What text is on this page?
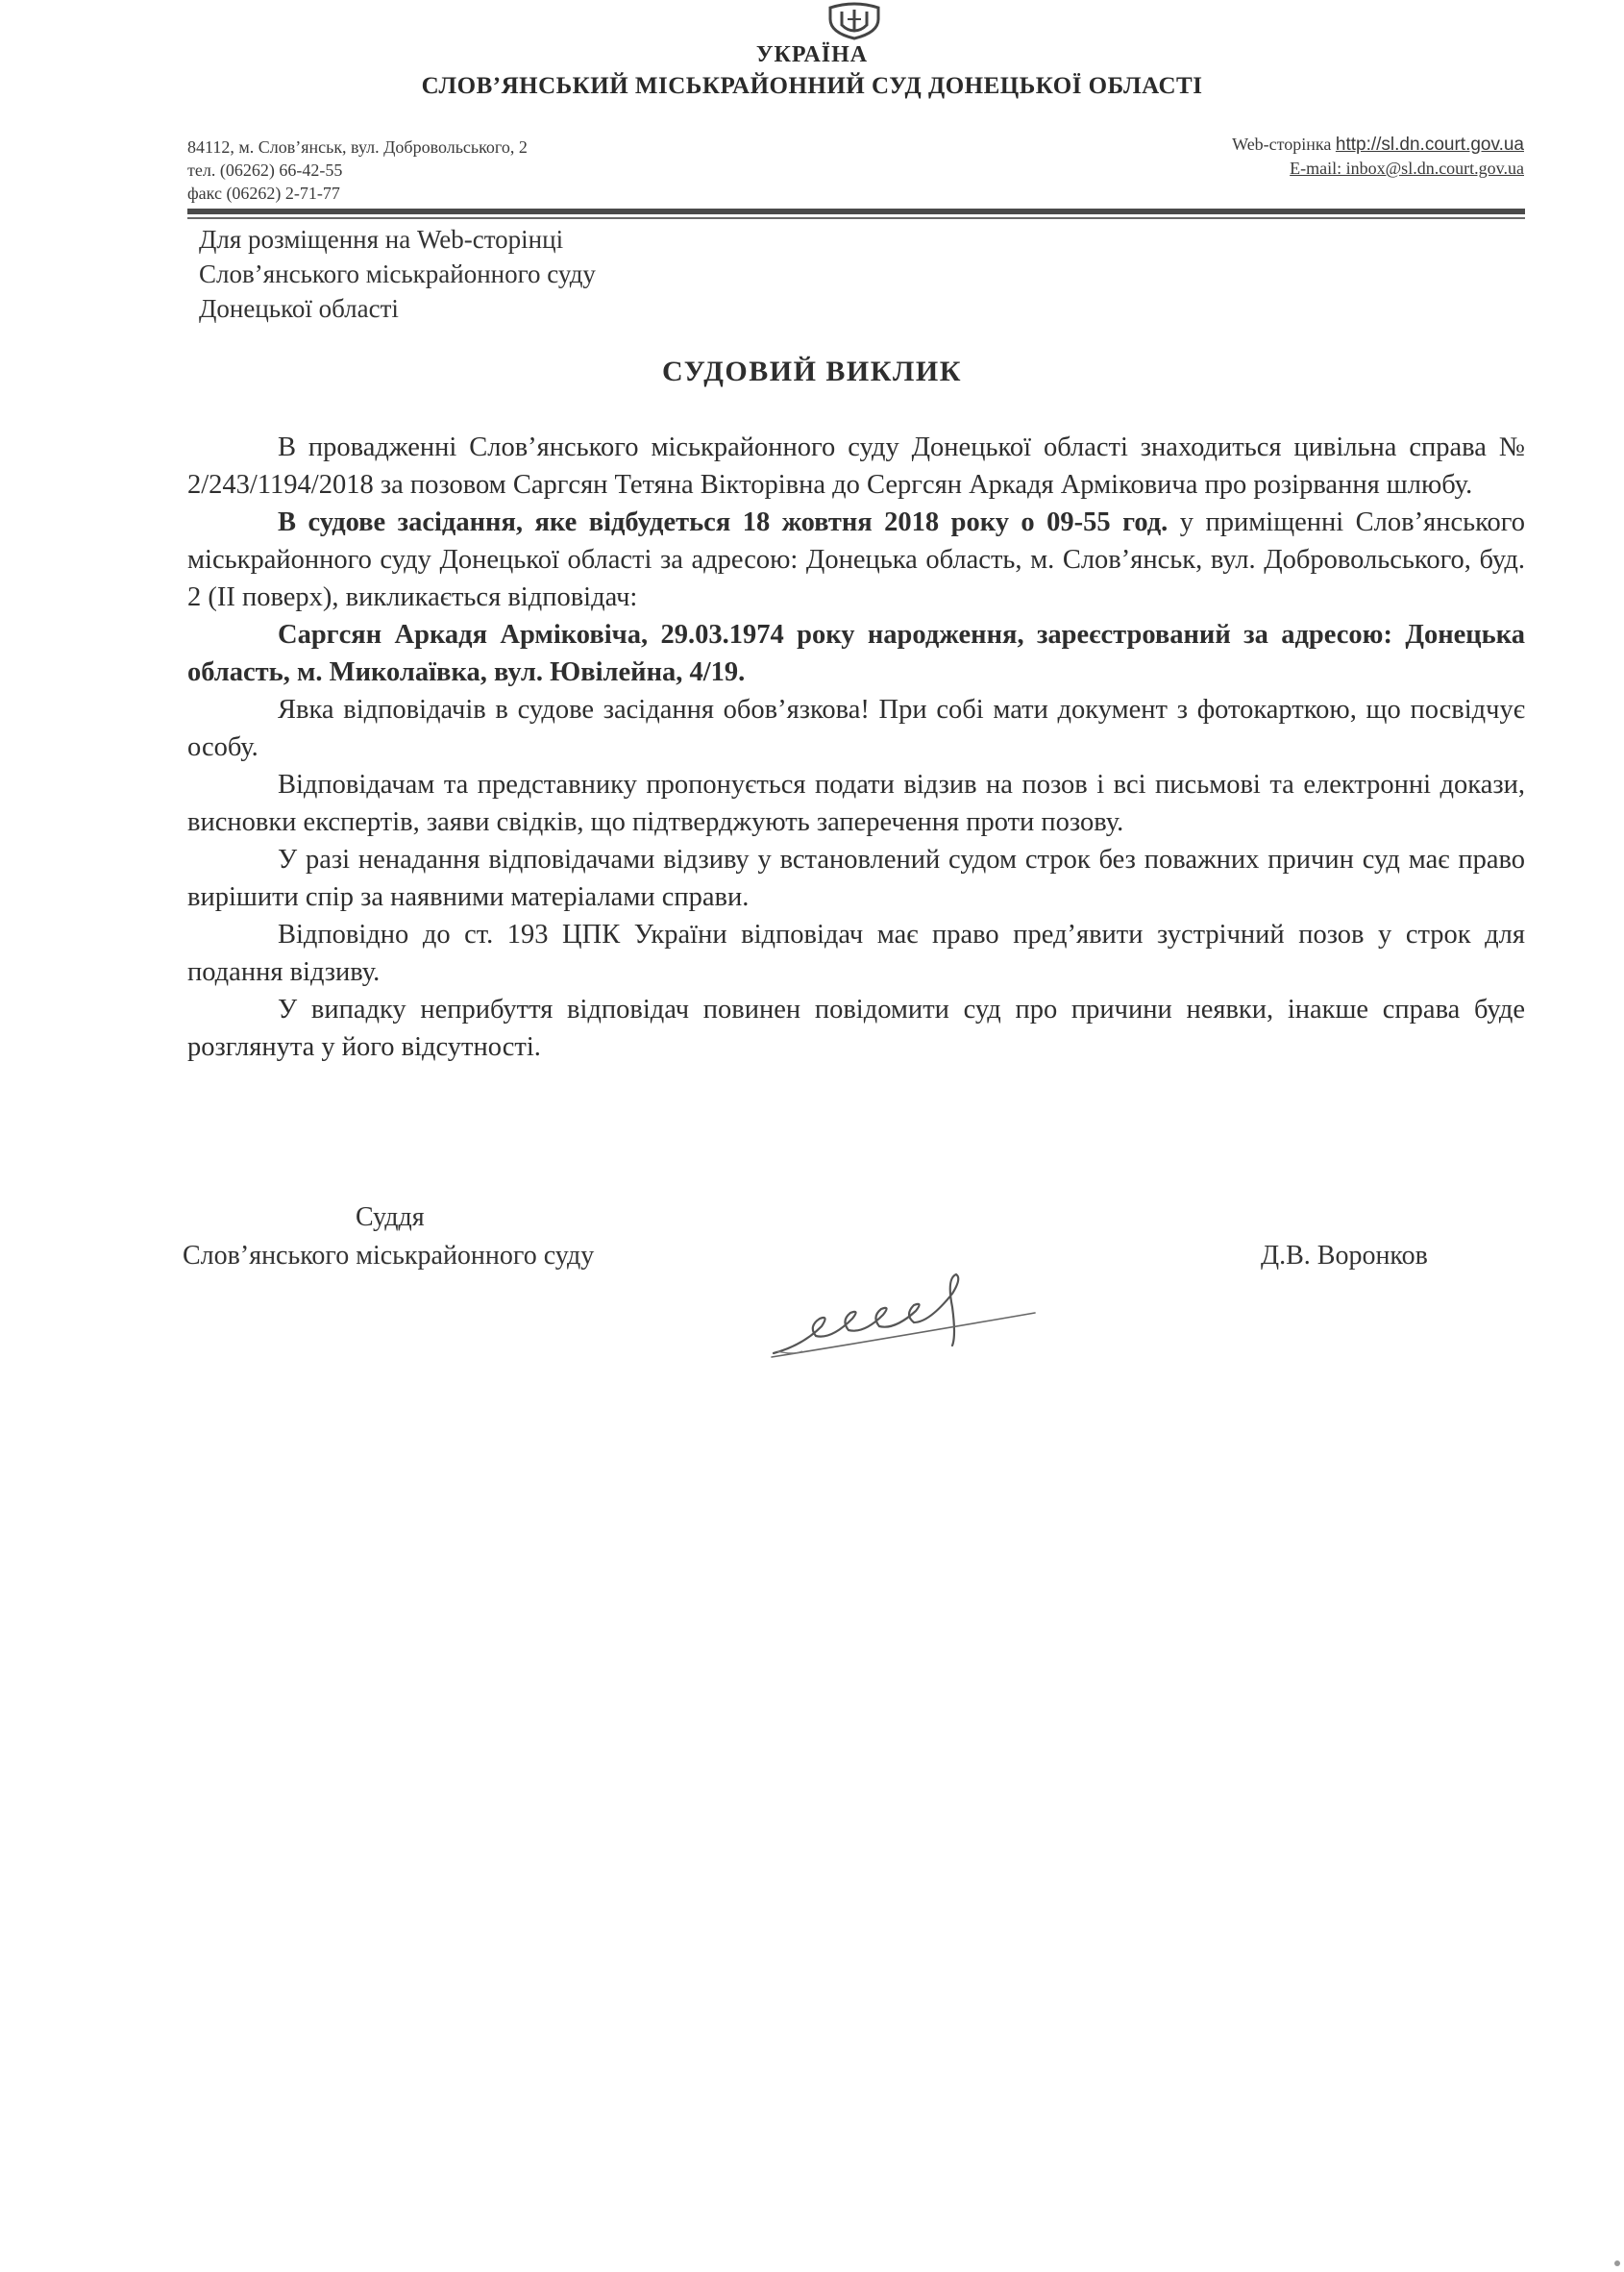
УКРАЇНА
СЛОВ’ЯНСЬКИЙ МІСЬКРАЙОННИЙ СУД ДОНЕЦЬКОЇ ОБЛАСТІ
84112, м. Слов’янськ, вул. Добровольського, 2
тел. (06262) 66-42-55
факс (06262) 2-71-77
Web-сторінка http://sl.dn.court.gov.ua
E-mail: inbox@sl.dn.court.gov.ua
Для розміщення на Web-сторінці
Слов’янського міськрайонного суду
Донецької області
СУДОВИЙ ВИКЛИК

В провадженні Слов’янського міськрайонного суду Донецької області знаходиться цивільна справа № 2/243/1194/2018 за позовом Саргсян Тетяна Вікторівна до Сергсян Аркадя Арміковича про розірвання шлюбу.

В судове засідання, яке відбудеться 18 жовтня 2018 року о 09-55 год. у приміщенні Слов’янського міськрайонного суду Донецької області за адресою: Донецька область, м. Слов’янськ, вул. Добровольського, буд. 2 (ІІ поверх), викликається відповідач:

Саргсян Аркадя Арміковіча, 29.03.1974 року народження, зареєстрований за адресою: Донецька область, м. Миколаївка, вул. Ювілейна, 4/19.

Явка відповідачів в судове засідання обов’язкова! При собі мати документ з фотокарткою, що посвідчує особу.

Відповідачам та представнику пропонується подати відзив на позов і всі письмові та електронні докази, висновки експертів, заяви свідків, що підтверджують заперечення проти позову.

У разі ненадання відповідачами відзиву у встановлений судом строк без поважних причин суд має право вирішити спір за наявними матеріалами справи.

Відповідно до ст. 193 ЦПК України відповідач має право пред’явити зустрічний позов у строк для подання відзиву.

У випадку неприбуття відповідач повинен повідомити суд про причини неявки, інакше справа буде розглянута у його відсутності.

Суддя
Слов’янського міськрайонного суду	Д.В. Воронков
